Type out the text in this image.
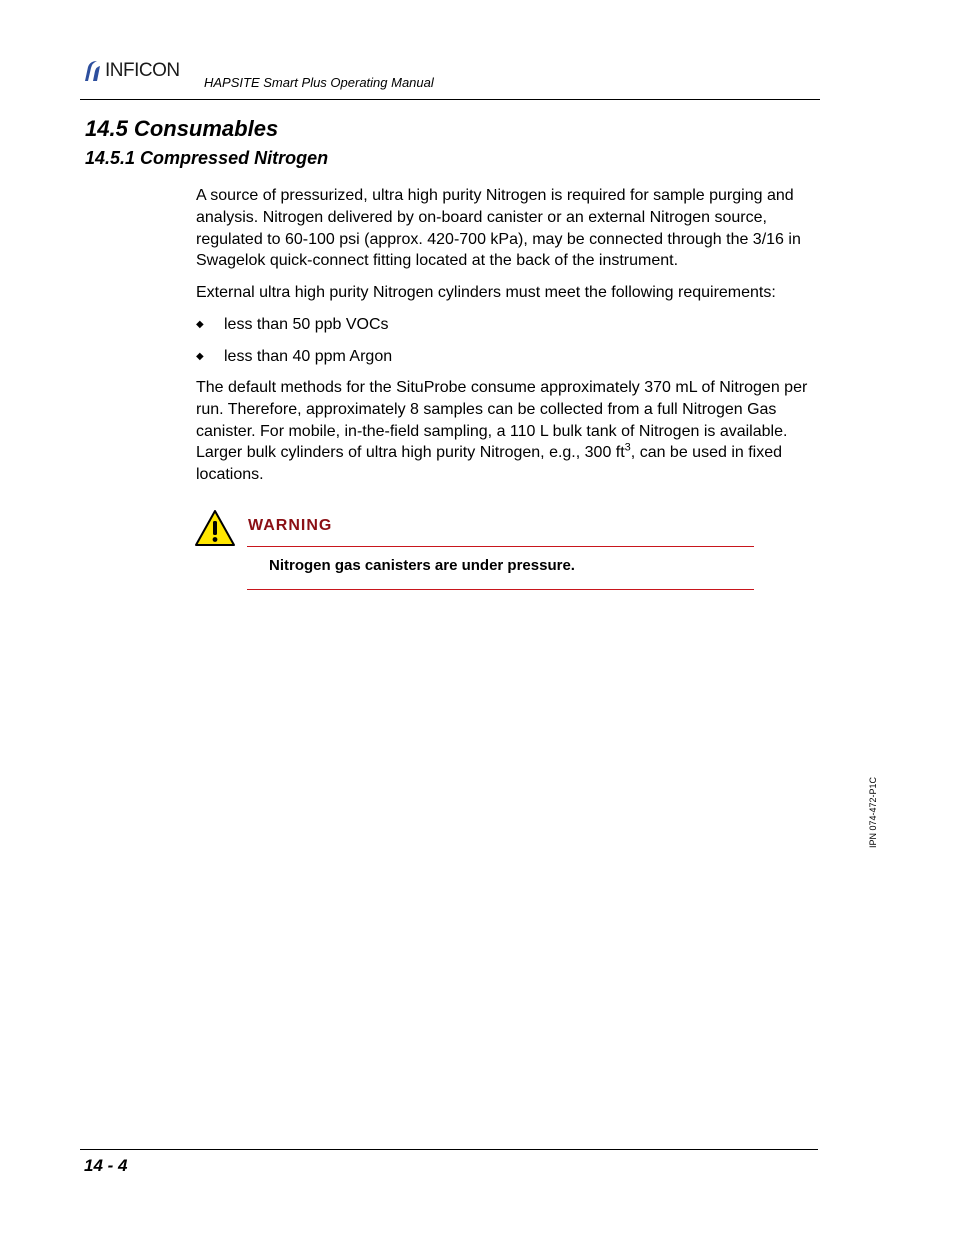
INFICON
HAPSITE Smart Plus Operating Manual
14.5 Consumables
14.5.1 Compressed Nitrogen
A source of pressurized, ultra high purity Nitrogen is required for sample purging and analysis. Nitrogen delivered by on-board canister or an external Nitrogen source, regulated to 60-100 psi (approx. 420-700 kPa), may be connected through the 3/16 in Swagelok quick-connect fitting located at the back of the instrument.
External ultra high purity Nitrogen cylinders must meet the following requirements:
◆ less than 50 ppb VOCs
◆ less than 40 ppm Argon
The default methods for the SituProbe consume approximately 370 mL of Nitrogen per run. Therefore, approximately 8 samples can be collected from a full Nitrogen Gas canister. For mobile, in-the-field sampling, a 110 L bulk tank of Nitrogen is available. Larger bulk cylinders of ultra high purity Nitrogen, e.g., 300 $ft^3$, can be used in fixed locations.
WARNING
Nitrogen gas canisters are under pressure.
IPN 074-472-P1C
14 - 4
